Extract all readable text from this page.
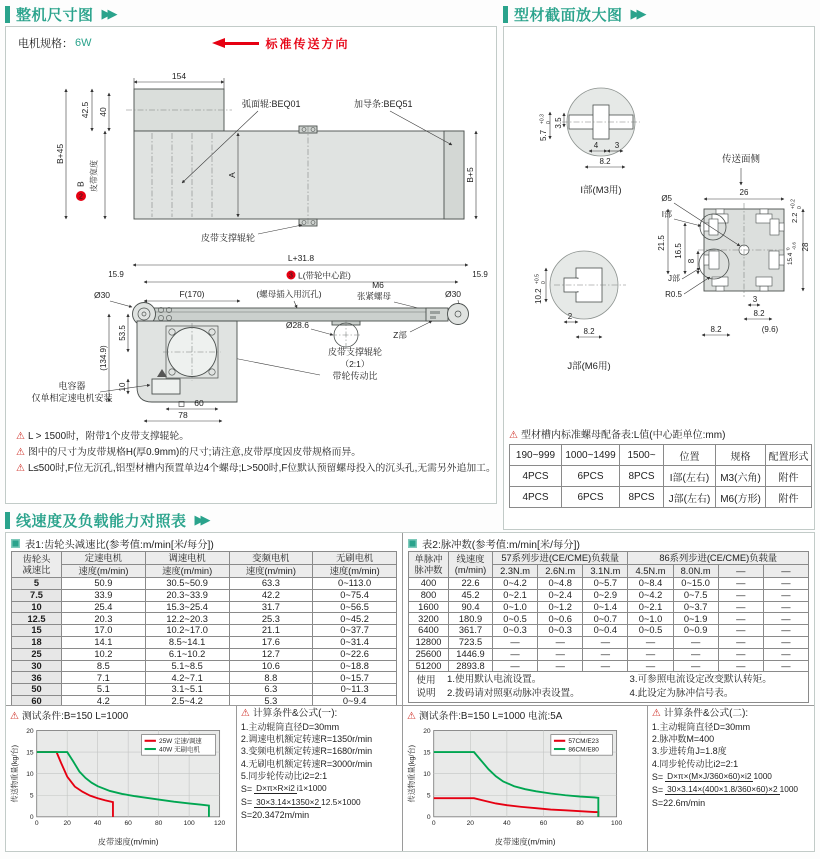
整机尺寸图 ▶▶
电机规格： 6W	标准传送方向
154
42.5 40
B+45
2
B 皮带宽度	A	B+5
弧面辊:BEQ01	加导条:BEQ51
皮带支撑辊轮
L+31.8
3 L(带轮中心距)
15.9	15.9
Ø30	F(170)	(螺母插入用沉孔)
M6
张紧螺母	Ø30
Z部
Ø28.6
皮带支撑辊轮
（2:1）
带轮传动比
53.5
10
(134.9)
电容器
仅单相定速电机安装	60
78
⚠ L > 1500时，附带1个皮带支撑辊轮。
⚠ 图中的尺寸为皮带规格H(厚0.9mm)的尺寸;请注意,皮带厚度因皮带规格而异。
⚠ L≤500时,F位无沉孔,铝型材槽内预置单边4个螺母;L>500时,F位默认预留螺母投入的沉头孔,无需另外追加工。
型材截面放大图 ▶▶
5.7
+0.3 0 3.5
4 3
8.2
I部(M3用)
传送面侧
26
2.2
+0.2 0
Ø5
I部
21.5
16.5
8	15.4
0 -0.6 28
J部
R0.5
3
8.2
8.2	(9.6)
10.2
+0.5 0
2
8.2
J部(M6用)
⚠ 型材槽内标准螺母配备表:L值(中心距单位:mm)
190~999	1000~1499	1500~	位置	规格	配置形式
4PCS	6PCS	8PCS	I部(左右)	M3(六角)	附件
4PCS	6PCS	8PCS	J部(左右)	M6(方形)	附件
线速度及负载能力对照表 ▶▶
表1:齿轮头减速比(参考值:m/min[米/每分])
齿轮头
减速比	定速电机	调速电机	变频电机	无刷电机
	速度(m/min)	速度(m/min)	速度(m/min)	速度(m/min)
5	50.9	30.5~50.9	63.3	0~113.0
7.5	33.9	20.3~33.9	42.2	0~75.4
10	25.4	15.3~25.4	31.7	0~56.5
12.5	20.3	12.2~20.3	25.3	0~45.2
15	17.0	10.2~17.0	21.1	0~37.7
18	14.1	8.5~14.1	17.6	0~31.4
25	10.2	6.1~10.2	12.7	0~22.6
30	8.5	5.1~8.5	10.6	0~18.8
36	7.1	4.2~7.1	8.8	0~15.7
50	5.1	3.1~5.1	6.3	0~11.3
60	4.2	2.5~4.2	5.3	0~9.4
表2:脉冲数(参考值:m/min[米/每分])
单脉冲
脉冲数	线速度
(m/min)	57系列步进(CE/CME)负载量			86系列步进(CE/CME)负载量			
		2.3N.m	2.6N.m	3.1N.m	4.5N.m	8.0N.m	—	—
400	22.6	0~4.2	0~4.8	0~5.7	0~8.4	0~15.0	—	—
800	45.2	0~2.1	0~2.4	0~2.9	0~4.2	0~7.5	—	—
1600	90.4	0~1.0	0~1.2	0~1.4	0~2.1	0~3.7	—	—
3200	180.9	0~0.5	0~0.6	0~0.7	0~1.0	0~1.9	—	—
6400	361.7	0~0.3	0~0.3	0~0.4	0~0.5	0~0.9	—	—
12800	723.5	—	—	—	—	—	—	—
25600	1446.9	—	—	—	—	—	—	—
51200	2893.8	—	—	—	—	—	—	—
使用
说明
1.使用默认电流设置。
2.拨码请对照驱动脉冲表设置。
3.可参照电流设定改变默认转矩。
4.此设定为脉冲信号表。
⚠ 测试条件:B=150 L=1000
0
5
10
15
20
0	20	40	60	80	100	120
25W 定速/调速
40W 无刷电机
传送物重量(kg/台)
皮带速度(m/min)
⚠ 计算条件&公式(一):
1.主动辊筒直径D=30mm
2.调速电机额定转速R=1350r/min
3.变频电机额定转速R=1680r/min
4.无刷电机额定转速R=3000r/min
5.同步轮传动比i2=2:1
S= D×π×R×i2 i1×1000
S= 30×3.14×1350×2 12.5×1000
S=20.3472m/min
⚠ 测试条件:B=150 L=1000 电流:5A
0
5
10
15
20
0	20	40	60	80	100
57CM/E23
86CM/E80
传送物重量(kg/台)
皮带速度(m/min)
⚠ 计算条件&公式(二):
1.主动辊筒直径D=30mm
2.脉冲数M=400
3.步进转角J=1.8度
4.同步轮传动比i2=2:1
S= D×π×(M×J/360×60)×i2 1000
S= 30×3.14×(400×1.8/360×60)×2 1000
S=22.6m/min
